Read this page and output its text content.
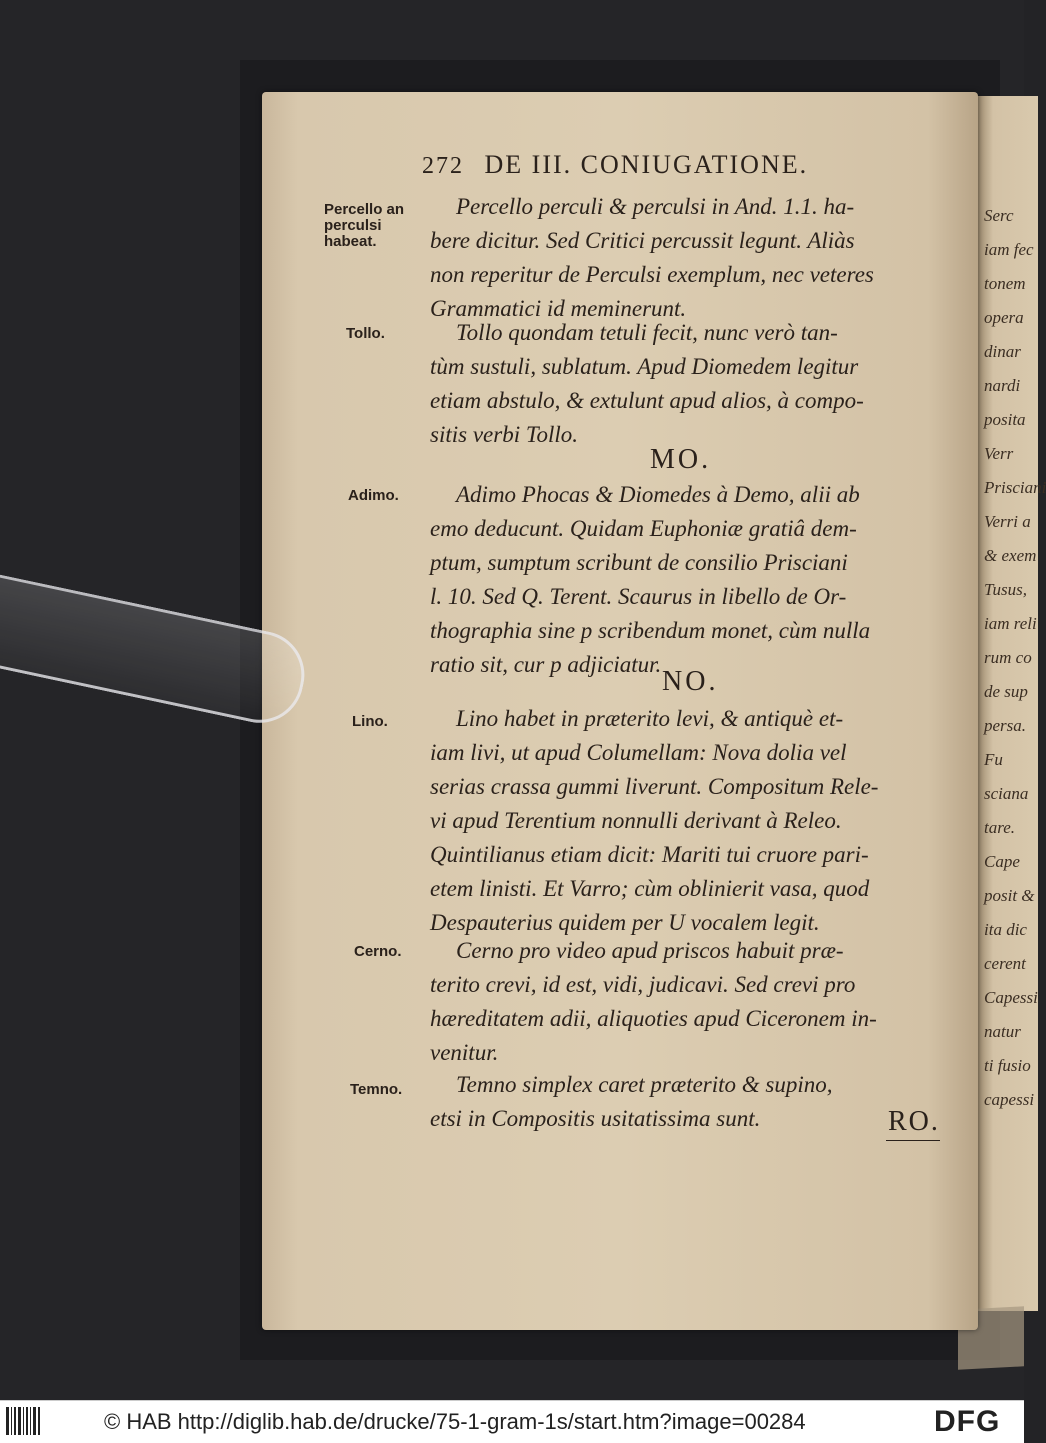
Serc
iam fec
tonem
opera
dinar
nardi
posita
Verr
Prisciani
Verri a
& exem
Tusus,
iam reli
rum co
de sup
persa.
Fu
sciana
tare.
Cape
posit &
ita dic
cerent
Capessi
natur
ti fusio
capessi
272 DE III. CONIUGATIONE.
Percello an perculsi habeat.
Tollo.
Adimo.
Lino.
Cerno.
Temno.
Percello perculi & perculsi in And. 1.1. ha-
bere dicitur. Sed Critici percussit legunt. Aliàs
non reperitur de Perculsi exemplum, nec veteres
Grammatici id meminerunt.
Tollo quondam tetuli fecit, nunc verò tan-
tùm sustuli, sublatum. Apud Diomedem legitur
etiam abstulo, & extulunt apud alios, à compo-
sitis verbi Tollo.
MO.
Adimo Phocas & Diomedes à Demo, alii ab
emo deducunt. Quidam Euphoniæ gratiâ dem-
ptum, sumptum scribunt de consilio Prisciani
l. 10. Sed Q. Terent. Scaurus in libello de Or-
thographia sine p scribendum monet, cùm nulla
ratio sit, cur p adjiciatur.
NO.
Lino habet in præterito levi, & antiquè et-
iam livi, ut apud Columellam: Nova dolia vel
serias crassa gummi liverunt. Compositum Rele-
vi apud Terentium nonnulli derivant à Releo.
Quintilianus etiam dicit: Mariti tui cruore pari-
etem linisti. Et Varro; cùm oblinierit vasa, quod
Despauterius quidem per U vocalem legit.
Cerno pro video apud priscos habuit præ-
terito crevi, id est, vidi, judicavi. Sed crevi pro
hæreditatem adii, aliquoties apud Ciceronem in-
venitur.
Temno simplex caret præterito & supino,
etsi in Compositis usitatissima sunt.	RO.
© HAB http://diglib.hab.de/drucke/75-1-gram-1s/start.htm?image=00284	DFG
